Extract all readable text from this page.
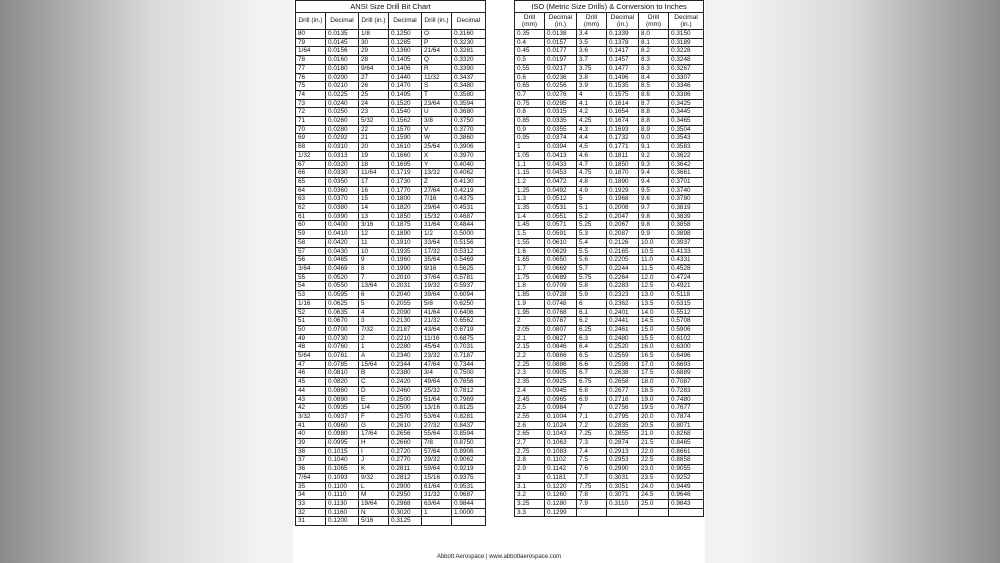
ANSI Size Drill Bit Chart					
Drill (in.)	Decimal	Drill (in.)	Decimal	Drill (in.)	Decimal
80	0.0135	1/8	0.1250	O	0.3160
79	0.0145	30	0.1285	P	0.3230
1/64	0.0156	29	0.1360	21/64	0.3281
78	0.0160	28	0.1405	Q	0.3320
77	0.0180	9/64	0.1406	R	0.3390
76	0.0200	27	0.1440	11/32	0.3437
75	0.0210	26	0.1470	S	0.3480
74	0.0225	25	0.1495	T	0.3580
73	0.0240	24	0.1520	23/64	0.3594
72	0.0250	23	0.1540	U	0.3680
71	0.0260	5/32	0.1562	3/8	0.3750
70	0.0280	22	0.1570	V	0.3770
69	0.0292	21	0.1590	W	0.3860
68	0.0310	20	0.1610	25/64	0.3906
1/32	0.0313	19	0.1660	X	0.3970
67	0.0320	18	0.1695	Y	0.4040
66	0.0330	11/64	0.1719	13/32	0.4062
65	0.0350	17	0.1730	Z	0.4130
64	0.0360	16	0.1770	27/64	0.4219
63	0.0370	15	0.1800	7/16	0.4375
62	0.0380	14	0.1820	29/64	0.4531
61	0.0390	13	0.1850	15/32	0.4687
60	0.0400	3/16	0.1875	31/64	0.4844
59	0.0410	12	0.1890	1/2	0.5000
58	0.0420	11	0.1910	33/64	0.5156
57	0.0430	10	0.1935	17/32	0.5312
56	0.0465	9	0.1960	35/64	0.5469
3/64	0.0469	8	0.1990	9/16	0.5625
55	0.0520	7	0.2010	37/64	0.5781
54	0.0550	13/64	0.2031	19/32	0.5937
53	0.0595	6	0.2040	39/64	0.6094
1/16	0.0625	5	0.2055	5/8	0.6250
52	0.0635	4	0.2090	41/64	0.6406
51	0.0670	3	0.2130	21/32	0.6562
50	0.0700	7/32	0.2187	43/64	0.6719
49	0.0730	2	0.2210	11/16	0.6875
48	0.0760	1	0.2280	45/64	0.7031
5/64	0.0781	A	0.2340	23/32	0.7187
47	0.0785	15/64	0.2344	47/64	0.7344
46	0.0810	B	0.2380	3/4	0.7500
45	0.0820	C	0.2420	49/64	0.7656
44	0.0860	D	0.2460	25/32	0.7812
43	0.0890	E	0.2500	51/64	0.7969
42	0.0935	1/4	0.2500	13/16	0.8125
3/32	0.0937	F	0.2570	53/64	0.8281
41	0.0960	G	0.2610	27/32	0.8437
40	0.0980	17/64	0.2656	55/64	0.8594
39	0.0995	H	0.2660	7/8	0.8750
38	0.1015	I	0.2720	57/64	0.8906
37	0.1040	J	0.2770	29/32	0.9062
36	0.1065	K	0.2811	59/64	0.9219
7/64	0.1093	9/32	0.2812	15/16	0.9375
35	0.1100	L	0.2900	61/64	0.9531
34	0.1110	M	0.2950	31/32	0.9687
33	0.1130	19/64	0.2968	63/64	0.9844
32	0.1160	N	0.3020	1	1.0000
31	0.1200	5/16	0.3125		
ISO (Metric Size Drills) & Conversion to Inches					
Drill (mm)	Decimal (in.)	Drill (mm)	Decimal (in.)	Drill (mm)	Decimal (in.)
0.35	0.0138	3.4	0.1339	8.0	0.3150
0.4	0.0157	3.5	0.1378	8.1	0.3189
0.45	0.0177	3.6	0.1417	8.2	0.3228
0.5	0.0197	3.7	0.1457	8.3	0.3248
0.55	0.0217	3.75	0.1477	8.3	0.3267
0.6	0.0236	3.8	0.1496	8.4	0.3307
0.65	0.0256	3.9	0.1535	8.5	0.3346
0.7	0.0276	4	0.1575	8.6	0.3386
0.75	0.0295	4.1	0.1614	8.7	0.3425
0.8	0.0315	4.2	0.1654	8.8	0.3445
0.85	0.0335	4.25	0.1674	8.8	0.3465
0.9	0.0355	4.3	0.1693	8.9	0.3504
0.95	0.0374	4.4	0.1732	9.0	0.3543
1	0.0394	4.5	0.1771	9.1	0.3583
1.05	0.0413	4.6	0.1811	9.2	0.3622
1.1	0.0433	4.7	0.1850	9.3	0.3642
1.15	0.0453	4.75	0.1870	9.4	0.3661
1.2	0.0472	4.8	0.1890	9.4	0.3701
1.25	0.0492	4.9	0.1929	9.5	0.3740
1.3	0.0512	5	0.1968	9.6	0.3780
1.35	0.0531	5.1	0.2008	9.7	0.3819
1.4	0.0551	5.2	0.2047	9.8	0.3839
1.45	0.0571	5.25	0.2067	9.8	0.3858
1.5	0.0591	5.3	0.2087	9.9	0.3898
1.55	0.0610	5.4	0.2126	10.0	0.3937
1.6	0.0629	5.5	0.2165	10.5	0.4133
1.65	0.0650	5.6	0.2205	11.0	0.4331
1.7	0.0669	5.7	0.2244	11.5	0.4528
1.75	0.0689	5.75	0.2264	12.0	0.4724
1.8	0.0709	5.8	0.2283	12.5	0.4921
1.85	0.0728	5.9	0.2323	13.0	0.5118
1.9	0.0748	6	0.2362	13.5	0.5315
1.95	0.0768	6.1	0.2401	14.0	0.5512
2	0.0787	6.2	0.2441	14.5	0.5708
2.05	0.0807	6.25	0.2461	15.0	0.5906
2.1	0.0827	6.3	0.2480	15.5	0.6102
2.15	0.0846	6.4	0.2520	16.0	0.6300
2.2	0.0866	6.5	0.2559	16.5	0.6496
2.25	0.0886	6.6	0.2598	17.0	0.6693
2.3	0.0905	6.7	0.2638	17.5	0.6889
2.35	0.0925	6.75	0.2658	18.0	0.7087
2.4	0.0945	6.8	0.2677	18.5	0.7283
2.45	0.0965	6.9	0.2716	19.0	0.7480
2.5	0.0984	7	0.2756	19.5	0.7677
2.55	0.1004	7.1	0.2795	20.0	0.7874
2.6	0.1024	7.2	0.2835	20.5	0.8071
2.65	0.1043	7.25	0.2855	21.0	0.8268
2.7	0.1063	7.3	0.2874	21.5	0.8465
2.75	0.1083	7.4	0.2913	22.0	0.8661
2.8	0.1102	7.5	0.2953	22.5	0.8858
2.9	0.1142	7.6	0.2990	23.0	0.9055
3	0.1181	7.7	0.3031	23.5	0.9252
3.1	0.1220	7.75	0.3051	24.0	0.9449
3.2	0.1260	7.8	0.3071	24.5	0.9646
3.25	0.1280	7.9	0.3110	25.0	0.9843
3.3	0.1299				
Abbott Aerospace | www.abbottaerospace.com
